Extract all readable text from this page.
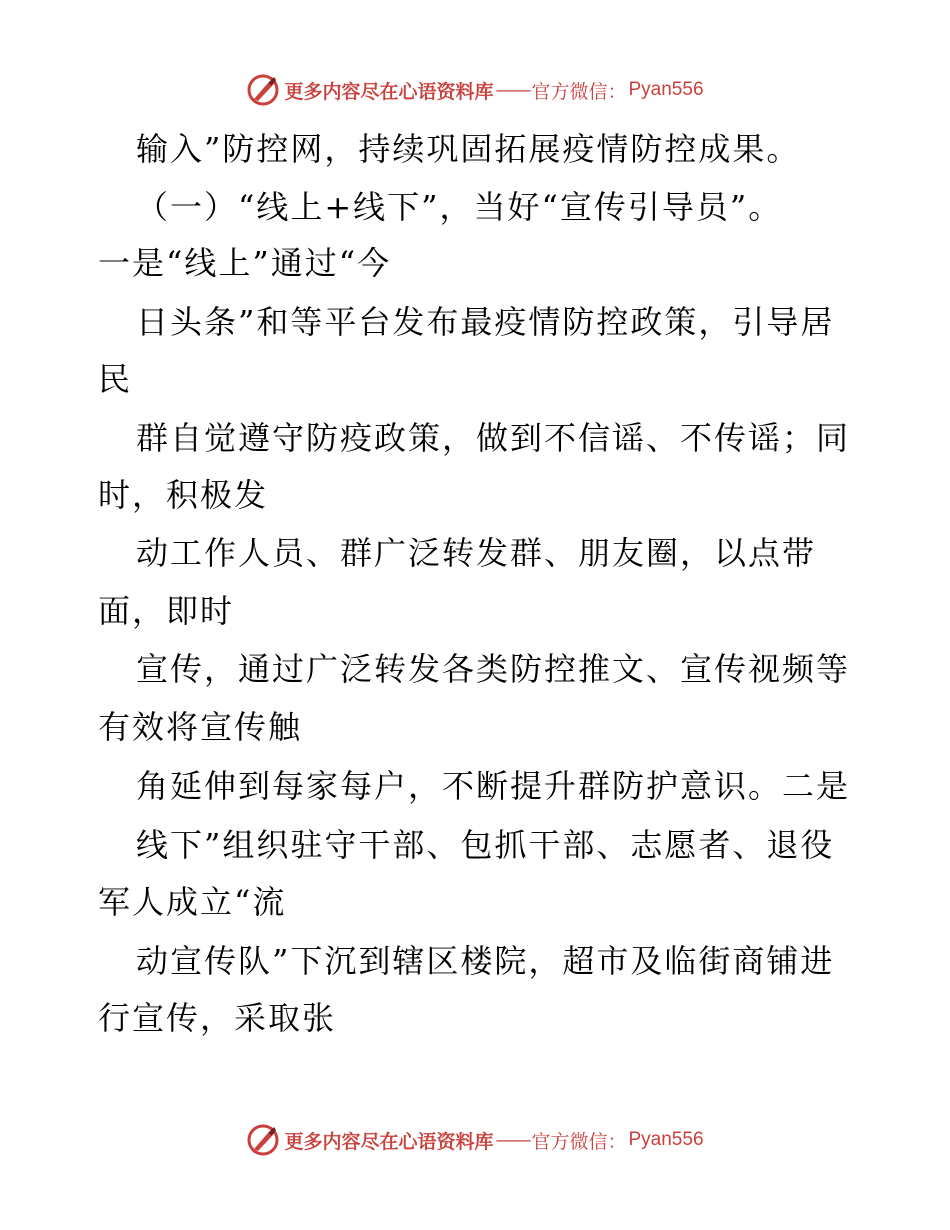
更多内容尽在心语资料库 —— 官方微信： Pyan556
输入”防控网，持续巩固拓展疫情防控成果。
（一）“线上+线下”，当好“宣传引导员”。
一是“线上”通过“今
日头条”和等平台发布最疫情防控政策，引导居
民
群自觉遵守防疫政策，做到不信谣、不传谣；同
时，积极发
动工作人员、群广泛转发群、朋友圈，以点带
面，即时
宣传，通过广泛转发各类防控推文、宣传视频等
有效将宣传触
角延伸到每家每户，不断提升群防护意识。二是
线下”组织驻守干部、包抓干部、志愿者、退役
军人成立“流
动宣传队”下沉到辖区楼院，超市及临街商铺进
行宣传，采取张
更多内容尽在心语资料库 —— 官方微信： Pyan556
